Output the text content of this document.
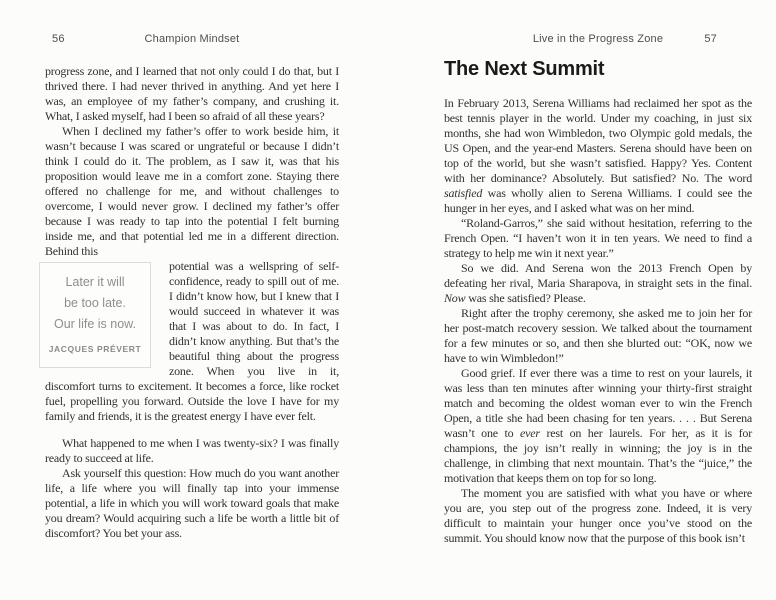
56	Champion Mindset

progress zone, and I learned that not only could I do that, but I thrived there. I had never thrived in anything. And yet here I was, an employee of my father’s company, and crushing it. What, I asked myself, had I been so afraid of all these years?

When I declined my father’s offer to work beside him, it wasn’t because I was scared or ungrateful or because I didn’t think I could do it. The problem, as I saw it, was that his proposition would leave me in a comfort zone. Staying there offered no challenge for me, and without challenges to overcome, I would never grow. I declined my father’s offer because I was ready to tap into the potential I felt burning inside me, and that potential led me in a different direction. Behind this

Later it will
be too late.
Our life is now.
JACQUES PRÉVERT
potential was a wellspring of self-confidence, ready to spill out of me. I didn’t know how, but I knew that I would succeed in whatever it was that I was about to do. In fact, I didn’t know anything. But that’s the beautiful thing about the progress zone. When you live in it, discomfort turns to excitement. It becomes a force, like rocket fuel, propelling you forward. Outside the love I have for my family and friends, it is the greatest energy I have ever felt.

What happened to me when I was twenty-six? I was finally ready to succeed at life.

Ask yourself this question: How much do you want another life, a life where you will finally tap into your immense potential, a life in which you will work toward goals that make you dream? Would acquiring such a life be worth a little bit of discomfort? You bet your ass.

Live in the Progress Zone	57
The Next Summit

In February 2013, Serena Williams had reclaimed her spot as the best tennis player in the world. Under my coaching, in just six months, she had won Wimbledon, two Olympic gold medals, the US Open, and the year-end Masters. Serena should have been on top of the world, but she wasn’t satisfied. Happy? Yes. Content with her dominance? Absolutely. But satisfied? No. The word satisfied was wholly alien to Serena Williams. I could see the hunger in her eyes, and I asked what was on her mind.

“Roland-Garros,” she said without hesitation, referring to the French Open. “I haven’t won it in ten years. We need to find a strategy to help me win it next year.”

So we did. And Serena won the 2013 French Open by defeating her rival, Maria Sharapova, in straight sets in the final. Now was she satisfied? Please.

Right after the trophy ceremony, she asked me to join her for her post-match recovery session. We talked about the tournament for a few minutes or so, and then she blurted out: “OK, now we have to win Wimbledon!”

Good grief. If ever there was a time to rest on your laurels, it was less than ten minutes after winning your thirty-first straight match and becoming the oldest woman ever to win the French Open, a title she had been chasing for ten years. . . . But Serena wasn’t one to ever rest on her laurels. For her, as it is for champions, the joy isn’t really in winning; the joy is in the challenge, in climbing that next mountain. That’s the “juice,” the motivation that keeps them on top for so long.

The moment you are satisfied with what you have or where you are, you step out of the progress zone. Indeed, it is very difficult to maintain your hunger once you’ve stood on the summit. You should know now that the purpose of this book isn’t
